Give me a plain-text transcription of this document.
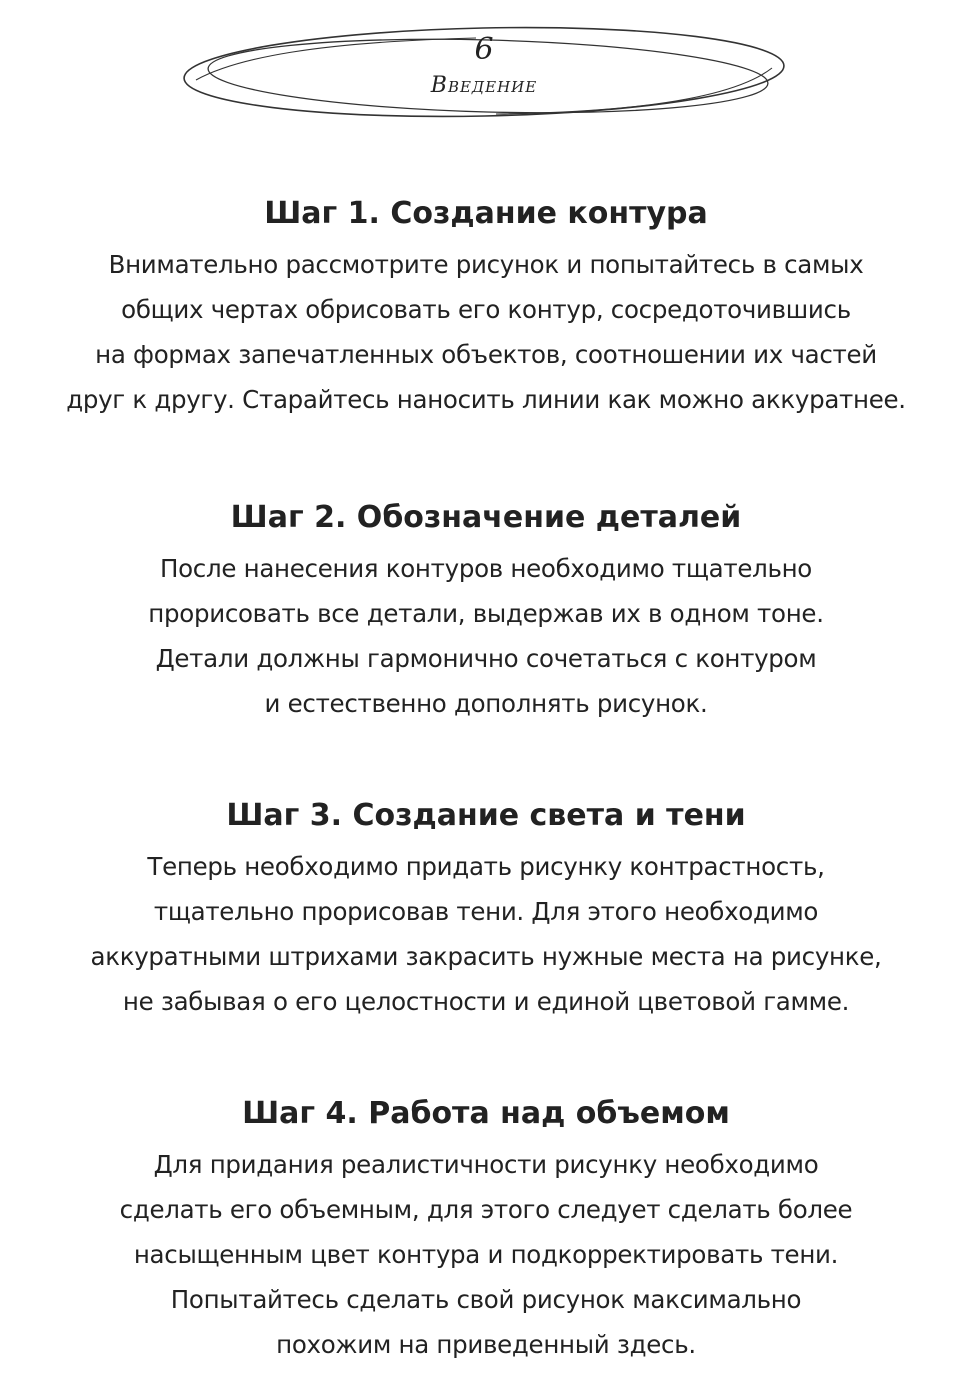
6
Введение
Шаг 1. Создание контура

Внимательно рассмотрите рисунок и попытайтесь в самых
общих чертах обрисовать его контур, сосредоточившись
на формах запечатленных объектов, соотношении их частей
друг к другу. Старайтесь наносить линии как можно аккуратнее.

Шаг 2. Обозначение деталей

После нанесения контуров необходимо тщательно
прорисовать все детали, выдержав их в одном тоне.
Детали должны гармонично сочетаться с контуром
и естественно дополнять рисунок.

Шаг 3. Создание света и тени

Теперь необходимо придать рисунку контрастность,
тщательно прорисовав тени. Для этого необходимо
аккуратными штрихами закрасить нужные места на рисунке,
не забывая о его целостности и единой цветовой гамме.

Шаг 4. Работа над объемом

Для придания реалистичности рисунку необходимо
сделать его объемным, для этого следует сделать более
насыщенным цвет контура и подкорректировать тени.
Попытайтесь сделать свой рисунок максимально
похожим на приведенный здесь.
